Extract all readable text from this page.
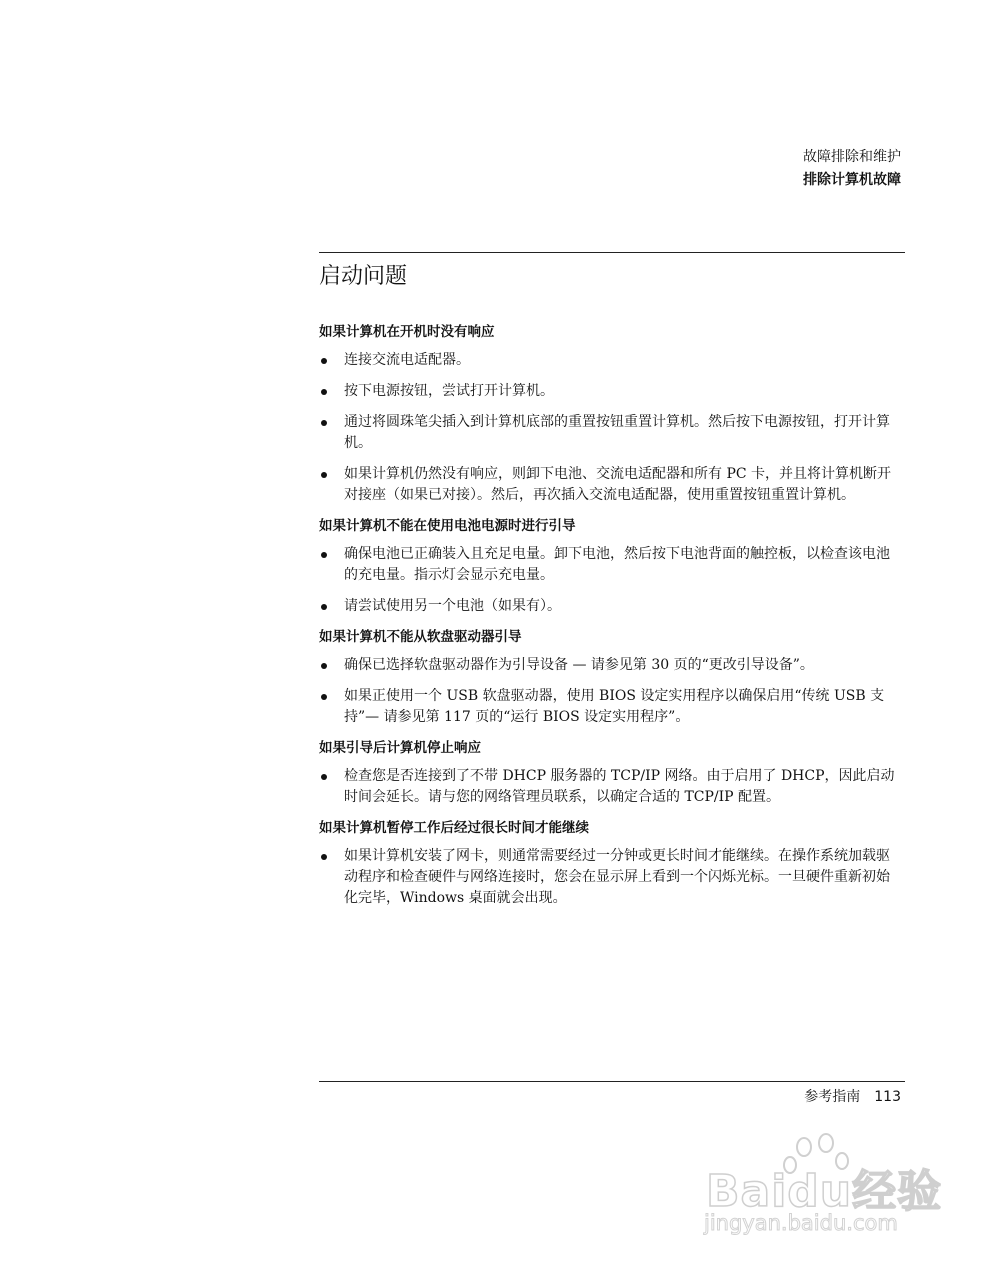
故障排除和维护
排除计算机故障
启动问题
如果计算机在开机时没有响应
连接交流电适配器。
按下电源按钮，尝试打开计算机。
通过将圆珠笔尖插入到计算机底部的重置按钮重置计算机。然后按下电源按钮，打开计算机。
如果计算机仍然没有响应，则卸下电池、交流电适配器和所有 PC 卡，并且将计算机断开对接座（如果已对接）。然后，再次插入交流电适配器，使用重置按钮重置计算机。
如果计算机不能在使用电池电源时进行引导
确保电池已正确装入且充足电量。卸下电池，然后按下电池背面的触控板，以检查该电池的充电量。指示灯会显示充电量。
请尝试使用另一个电池（如果有）。
如果计算机不能从软盘驱动器引导
确保已选择软盘驱动器作为引导设备 — 请参见第 30 页的“更改引导设备”。
如果正使用一个 USB 软盘驱动器，使用 BIOS 设定实用程序以确保启用“传统 USB 支持”— 请参见第 117 页的“运行 BIOS 设定实用程序”。
如果引导后计算机停止响应
检查您是否连接到了不带 DHCP 服务器的 TCP/IP 网络。由于启用了 DHCP，因此启动时间会延长。请与您的网络管理员联系，以确定合适的 TCP/IP 配置。
如果计算机暂停工作后经过很长时间才能继续
如果计算机安装了网卡，则通常需要经过一分钟或更长时间才能继续。在操作系统加载驱动程序和检查硬件与网络连接时，您会在显示屏上看到一个闪烁光标。一旦硬件重新初始化完毕，Windows 桌面就会出现。
参考指南 113
Baidu经验
jingyan.baidu.com
